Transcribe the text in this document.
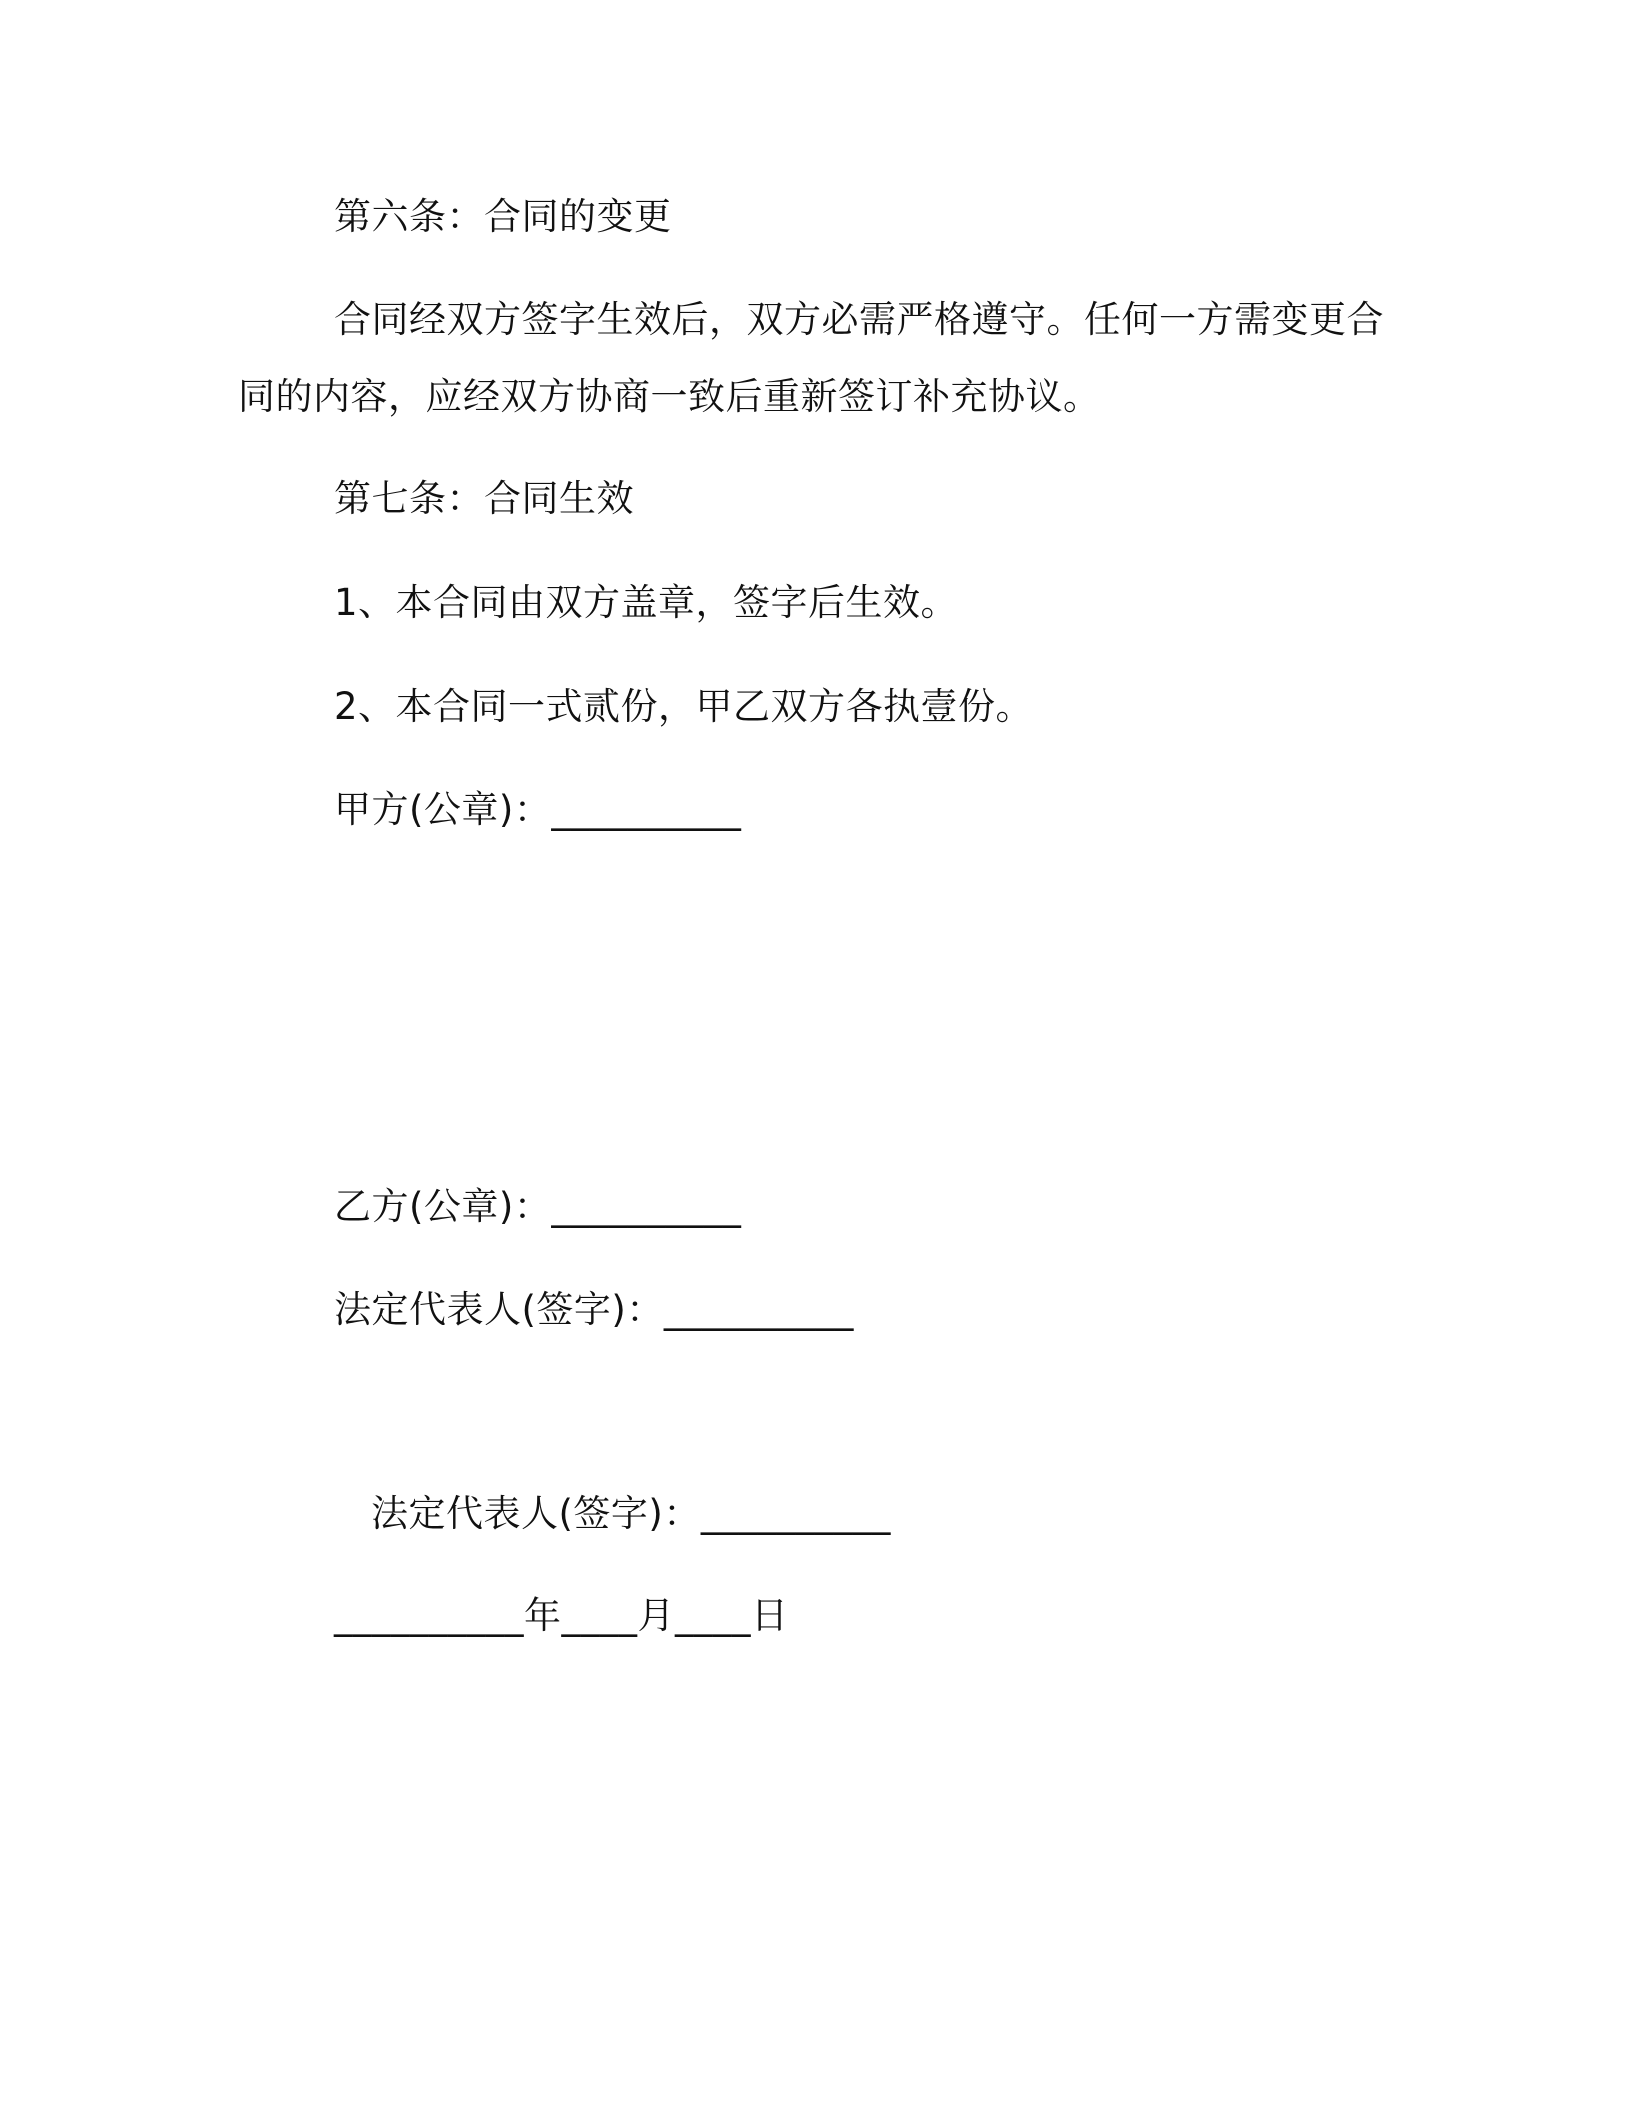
第六条：合同的变更
合同经双方签字生效后，双方必需严格遵守。任何一方需变更合
同的内容，应经双方协商一致后重新签订补充协议。
第七条：合同生效
1、本合同由双方盖章，签字后生效。
2、本合同一式贰份，甲乙双方各执壹份。
甲方(公章)：__________
乙方(公章)：__________
法定代表人(签字)：__________
法定代表人(签字)：__________
__________年____月____日
